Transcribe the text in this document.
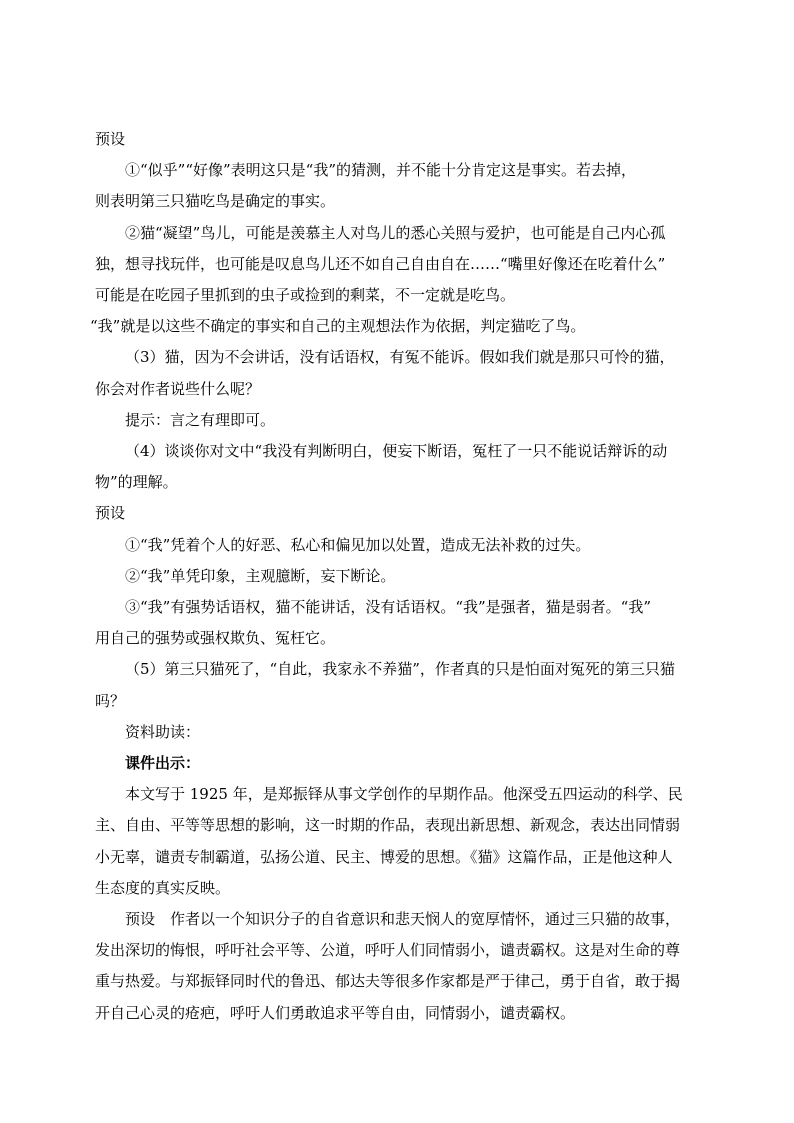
预设
①“似乎”“好像”表明这只是“我”的猜测，并不能十分肯定这是事实。若去掉，
则表明第三只猫吃鸟是确定的事实。
②猫“凝望”鸟儿，可能是羡慕主人对鸟儿的悉心关照与爱护，也可能是自己内心孤
独，想寻找玩伴，也可能是叹息鸟儿还不如自己自由自在……“嘴里好像还在吃着什么”
可能是在吃园子里抓到的虫子或捡到的剩菜，不一定就是吃鸟。
“我”就是以这些不确定的事实和自己的主观想法作为依据，判定猫吃了鸟。
（3）猫，因为不会讲话，没有话语权，有冤不能诉。假如我们就是那只可怜的猫，
你会对作者说些什么呢？
提示：言之有理即可。
（4）谈谈你对文中“我没有判断明白，便妄下断语，冤枉了一只不能说话辩诉的动
物”的理解。
预设
①“我”凭着个人的好恶、私心和偏见加以处置，造成无法补救的过失。
②“我”单凭印象，主观臆断，妄下断论。
③“我”有强势话语权，猫不能讲话，没有话语权。“我”是强者，猫是弱者。“我”
用自己的强势或强权欺负、冤枉它。
（5）第三只猫死了，“自此，我家永不养猫”，作者真的只是怕面对冤死的第三只猫
吗？
资料助读：
课件出示：
本文写于 1925 年，是郑振铎从事文学创作的早期作品。他深受五四运动的科学、民
主、自由、平等等思想的影响，这一时期的作品，表现出新思想、新观念，表达出同情弱
小无辜，谴责专制霸道，弘扬公道、民主、博爱的思想。《猫》这篇作品，正是他这种人
生态度的真实反映。
预设　作者以一个知识分子的自省意识和悲天悯人的宽厚情怀，通过三只猫的故事，
发出深切的悔恨，呼吁社会平等、公道，呼吁人们同情弱小，谴责霸权。这是对生命的尊
重与热爱。与郑振铎同时代的鲁迅、郁达夫等很多作家都是严于律己，勇于自省，敢于揭
开自己心灵的疮疤，呼吁人们勇敢追求平等自由，同情弱小，谴责霸权。
